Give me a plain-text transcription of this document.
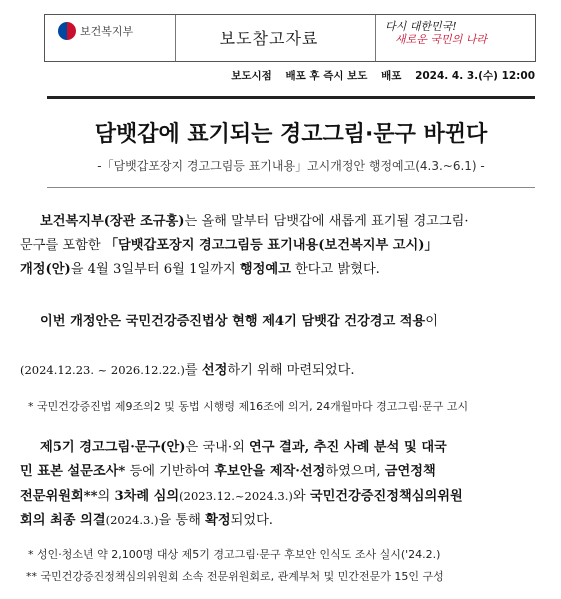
보건복지부	보도참고자료
다시 대한민국!
새로운 국민의 나라
보도시점 배포 후 즉시 보도 배포 2024. 4. 3.(수) 12:00
담뱃갑에 표기되는 경고그림·문구 바뀐다
-「담뱃갑포장지 경고그림등 표기내용」고시개정안 행정예고(4.3.~6.1) -
보건복지부(장관 조규홍)는 올해 말부터 담뱃갑에 새롭게 표기될 경고그림·
문구를 포함한 「담뱃갑포장지 경고그림등 표기내용(보건복지부 고시)」
개정(안)을 4월 3일부터 6월 1일까지 행정예고 한다고 밝혔다.
이번 개정안은 국민건강증진법상 현행 제4기 담뱃갑 건강경고 적용이

(2024.12.23. ~ 2026.12.22.)를 선정하기 위해 마련되었다.
* 국민건강증진법 제9조의2 및 동법 시행령 제16조에 의거, 24개월마다 경고그림·문구 고시
제5기 경고그림·문구(안)은 국내·외 연구 결과, 추진 사례 분석 및 대국
민 표본 설문조사* 등에 기반하여 후보안을 제작·선정하였으며, 금연정책
전문위원회**의 3차례 심의(2023.12.~2024.3.)와 국민건강증진정책심의위원
회의 최종 의결(2024.3.)을 통해 확정되었다.
* 성인·청소년 약 2,100명 대상 제5기 경고그림·문구 후보안 인식도 조사 실시('24.2.)
** 국민건강증진정책심의위원회 소속 전문위원회로, 관계부처 및 민간전문가 15인 구성
